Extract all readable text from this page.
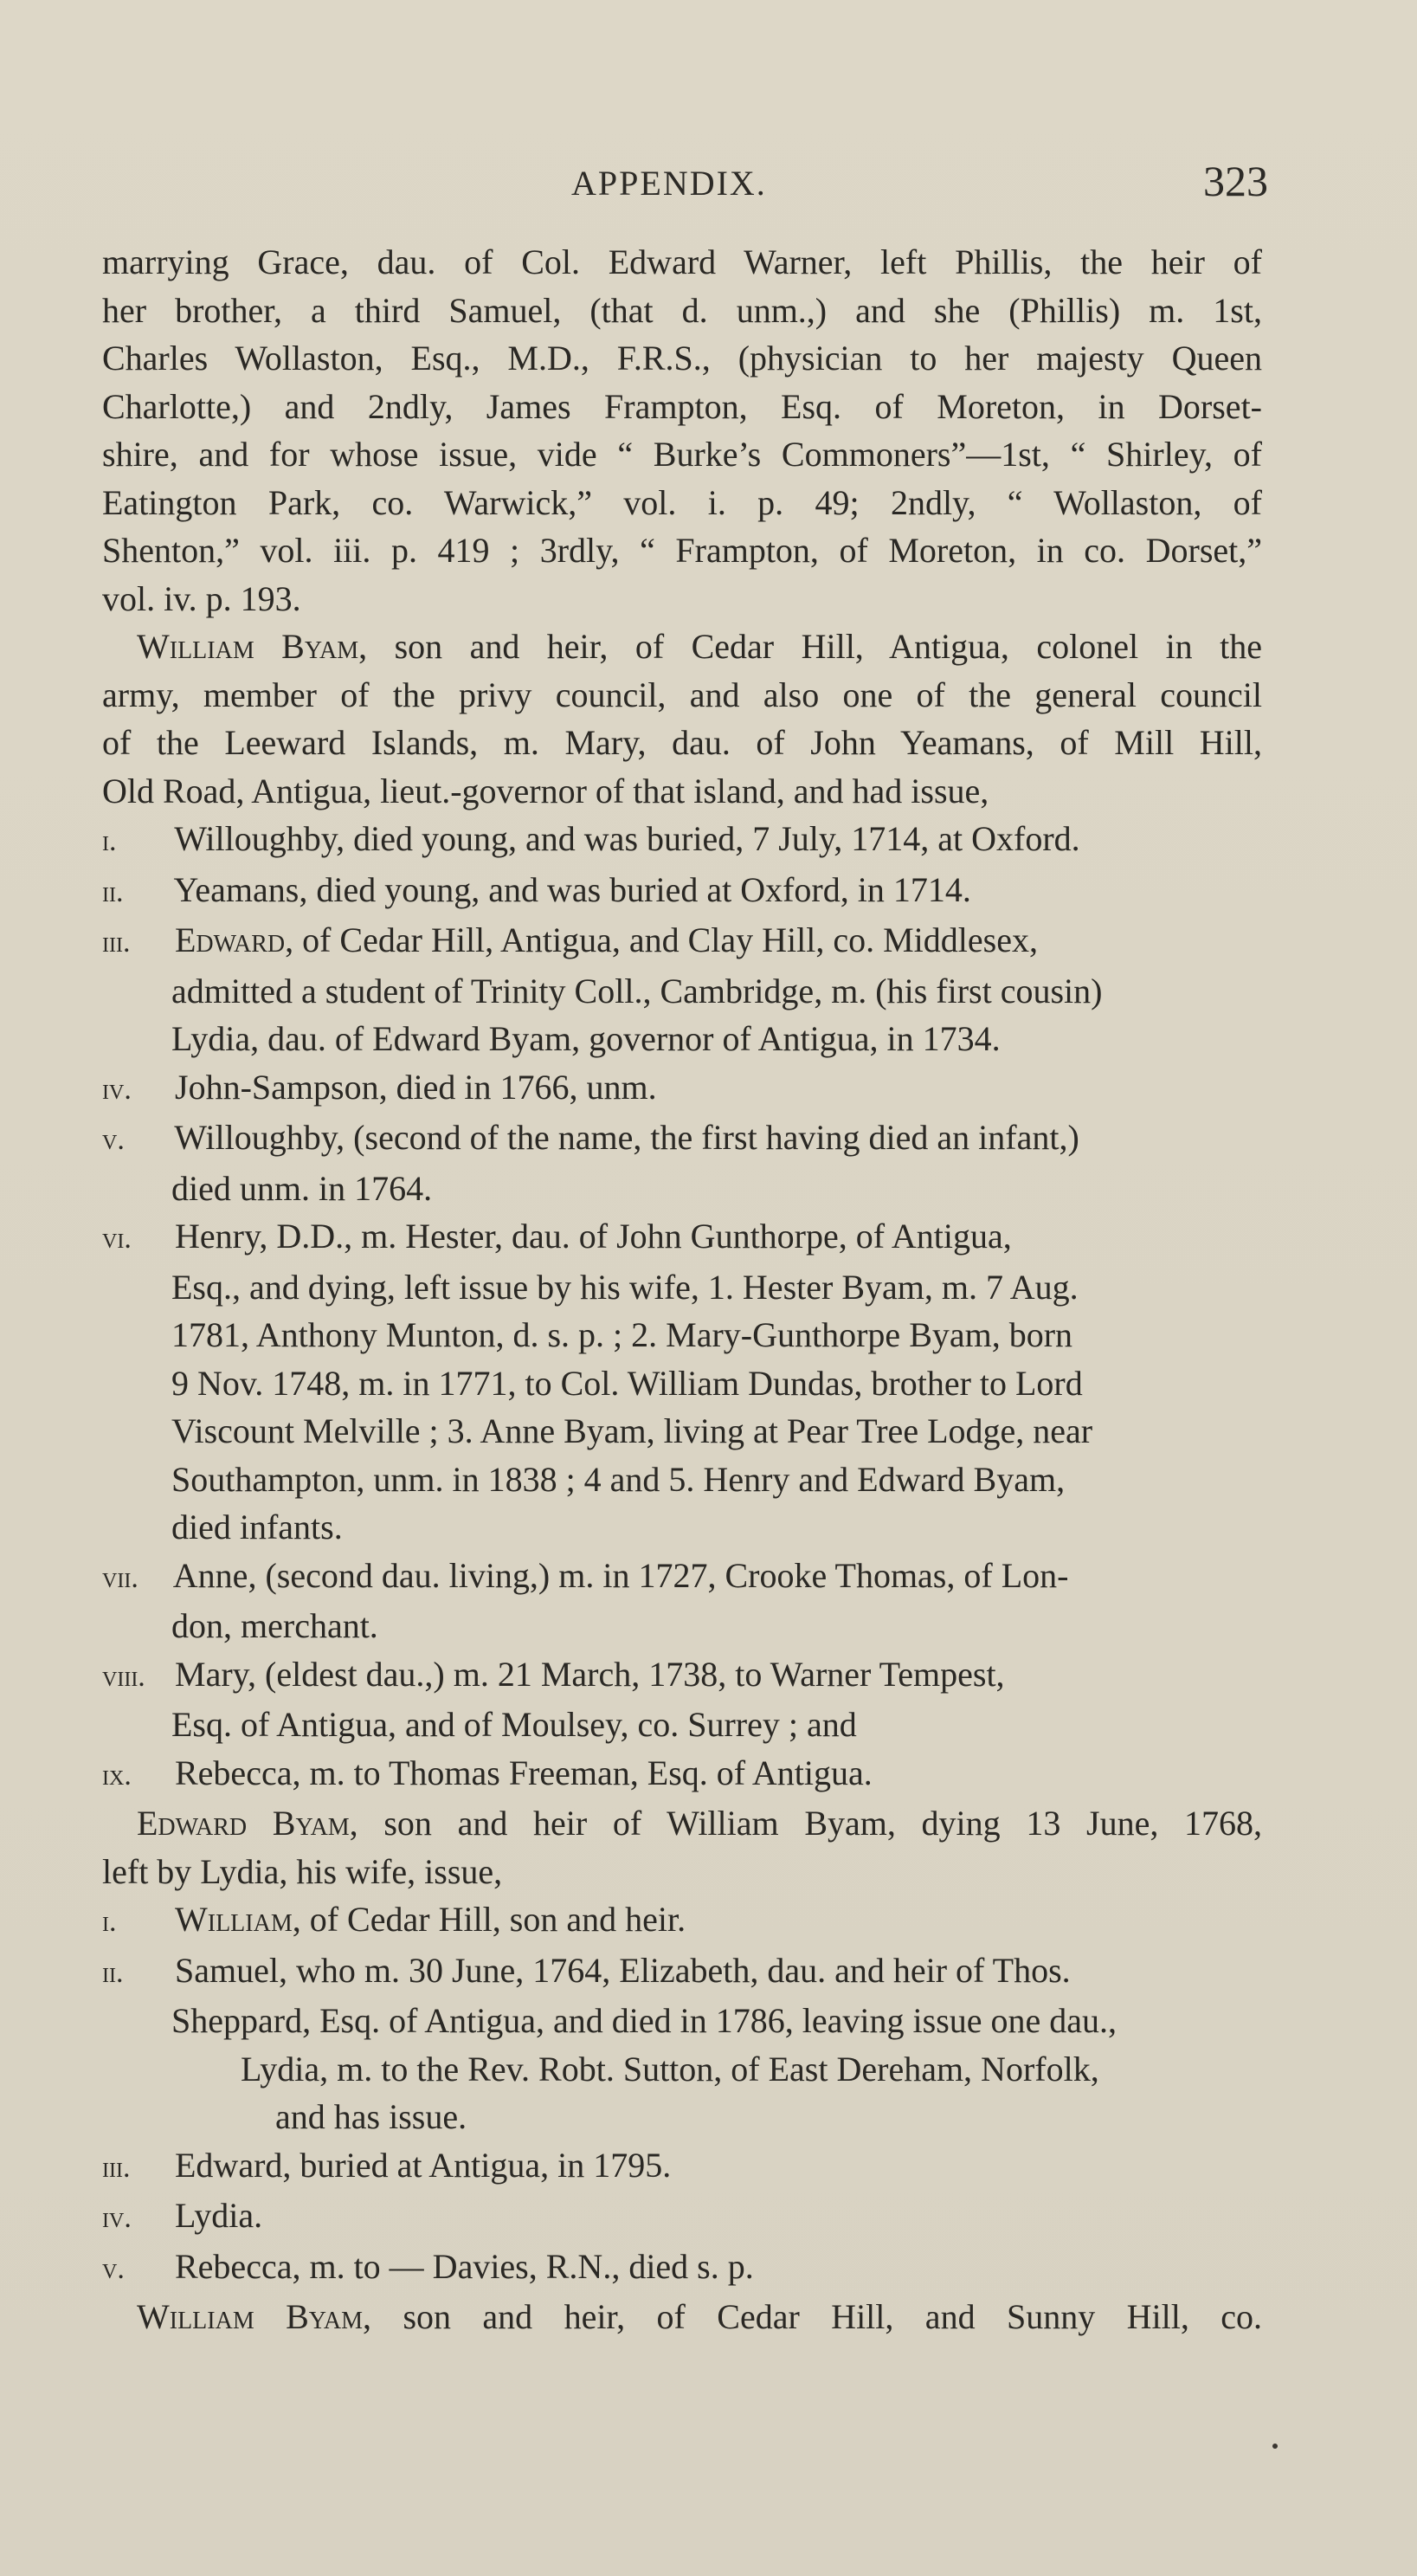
APPENDIX.	323

marrying Grace, dau. of Col. Edward Warner, left Phillis, the heir of

her brother, a third Samuel, (that d. unm.,) and she (Phillis) m. 1st,

Charles Wollaston, Esq., M.D., F.R.S., (physician to her majesty Queen

Charlotte,) and 2ndly, James Frampton, Esq. of Moreton, in Dorset-

shire, and for whose issue, vide “ Burke’s Commoners”—1st, “ Shirley, of

Eatington Park, co. Warwick,” vol. i. p. 49; 2ndly, “ Wollaston, of

Shenton,” vol. iii. p. 419 ; 3rdly, “ Frampton, of Moreton, in co. Dorset,”

vol. iv. p. 193.

William Byam, son and heir, of Cedar Hill, Antigua, colonel in the

army, member of the privy council, and also one of the general council

of the Leeward Islands, m. Mary, dau. of John Yeamans, of Mill Hill,

Old Road, Antigua, lieut.-governor of that island, and had issue,

i. Willoughby, died young, and was buried, 7 July, 1714, at Oxford.

ii. Yeamans, died young, and was buried at Oxford, in 1714.

iii. Edward, of Cedar Hill, Antigua, and Clay Hill, co. Middlesex,
admitted a student of Trinity Coll., Cambridge, m. (his first cousin)
Lydia, dau. of Edward Byam, governor of Antigua, in 1734.

iv. John-Sampson, died in 1766, unm.

v. Willoughby, (second of the name, the first having died an infant,)
died unm. in 1764.

vi. Henry, D.D., m. Hester, dau. of John Gunthorpe, of Antigua,
Esq., and dying, left issue by his wife, 1. Hester Byam, m. 7 Aug.
1781, Anthony Munton, d. s. p. ; 2. Mary-Gunthorpe Byam, born
9 Nov. 1748, m. in 1771, to Col. William Dundas, brother to Lord
Viscount Melville ; 3. Anne Byam, living at Pear Tree Lodge, near
Southampton, unm. in 1838 ; 4 and 5. Henry and Edward Byam,
died infants.

vii. Anne, (second dau. living,) m. in 1727, Crooke Thomas, of Lon-
don, merchant.

viii. Mary, (eldest dau.,) m. 21 March, 1738, to Warner Tempest,
Esq. of Antigua, and of Moulsey, co. Surrey ; and

ix. Rebecca, m. to Thomas Freeman, Esq. of Antigua.

Edward Byam, son and heir of William Byam, dying 13 June, 1768,

left by Lydia, his wife, issue,

i. William, of Cedar Hill, son and heir.

ii. Samuel, who m. 30 June, 1764, Elizabeth, dau. and heir of Thos.
Sheppard, Esq. of Antigua, and died in 1786, leaving issue one dau.,

Lydia, m. to the Rev. Robt. Sutton, of East Dereham, Norfolk,
and has issue.

iii. Edward, buried at Antigua, in 1795.

iv. Lydia.

v. Rebecca, m. to — Davies, R.N., died s. p.

William Byam, son and heir, of Cedar Hill, and Sunny Hill, co.
